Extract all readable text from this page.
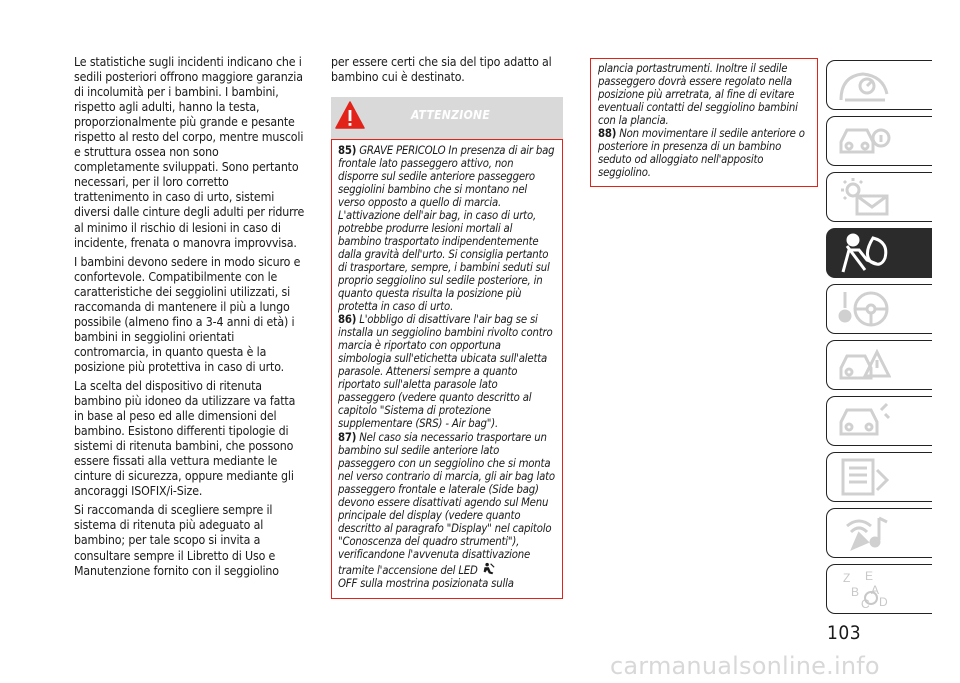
Le statistiche sugli incidenti indicano che i sedili posteriori offrono maggiore garanzia di incolumità per i bambini. I bambini, rispetto agli adulti, hanno la testa, proporzionalmente più grande e pesante rispetto al resto del corpo, mentre muscoli e struttura ossea non sono completamente sviluppati. Sono pertanto necessari, per il loro corretto trattenimento in caso di urto, sistemi diversi dalle cinture degli adulti per ridurre al minimo il rischio di lesioni in caso di incidente, frenata o manovra improvvisa.

I bambini devono sedere in modo sicuro e confortevole. Compatibilmente con le caratteristiche dei seggiolini utilizzati, si raccomanda di mantenere il più a lungo possibile (almeno fino a 3-4 anni di età) i bambini in seggiolini orientati contromarcia, in quanto questa è la posizione più protettiva in caso di urto.

La scelta del dispositivo di ritenuta bambino più idoneo da utilizzare va fatta in base al peso ed alle dimensioni del bambino. Esistono differenti tipologie di sistemi di ritenuta bambini, che possono essere fissati alla vettura mediante le cinture di sicurezza, oppure mediante gli ancoraggi ISOFIX/i-Size.

Si raccomanda di scegliere sempre il sistema di ritenuta più adeguato al bambino; per tale scopo si invita a consultare sempre il Libretto di Uso e Manutenzione fornito con il seggiolino

per essere certi che sia del tipo adatto al bambino cui è destinato.

ATTENZIONE

85) GRAVE PERICOLO In presenza di air bag frontale lato passeggero attivo, non disporre sul sedile anteriore passeggero seggiolini bambino che si montano nel verso opposto a quello di marcia. L'attivazione dell'air bag, in caso di urto, potrebbe produrre lesioni mortali al bambino trasportato indipendentemente dalla gravità dell'urto. Si consiglia pertanto di trasportare, sempre, i bambini seduti sul proprio seggiolino sul sedile posteriore, in quanto questa risulta la posizione più protetta in caso di urto.

86) L'obbligo di disattivare l'air bag se si installa un seggiolino bambini rivolto contro marcia è riportato con opportuna simbologia sull'etichetta ubicata sull'aletta parasole. Attenersi sempre a quanto riportato sull'aletta parasole lato passeggero (vedere quanto descritto al capitolo "Sistema di protezione supplementare (SRS) - Air bag").

87) Nel caso sia necessario trasportare un bambino sul sedile anteriore lato passeggero con un seggiolino che si monta nel verso contrario di marcia, gli air bag lato passeggero frontale e laterale (Side bag) devono essere disattivati agendo sul Menu principale del display (vedere quanto descritto al paragrafo "Display" nel capitolo "Conoscenza del quadro strumenti"), verificandone l'avvenuta disattivazione tramite l'accensione del LED
OFF sulla mostrina posizionata sulla

plancia portastrumenti. Inoltre il sedile passeggero dovrà essere regolato nella posizione più arretrata, al fine di evitare eventuali contatti del seggiolino bambini con la plancia.

88) Non movimentare il sedile anteriore o posteriore in presenza di un bambino seduto od alloggiato nell'apposito seggiolino.

Z E
B A
C D
103
carmanualsonline.info
